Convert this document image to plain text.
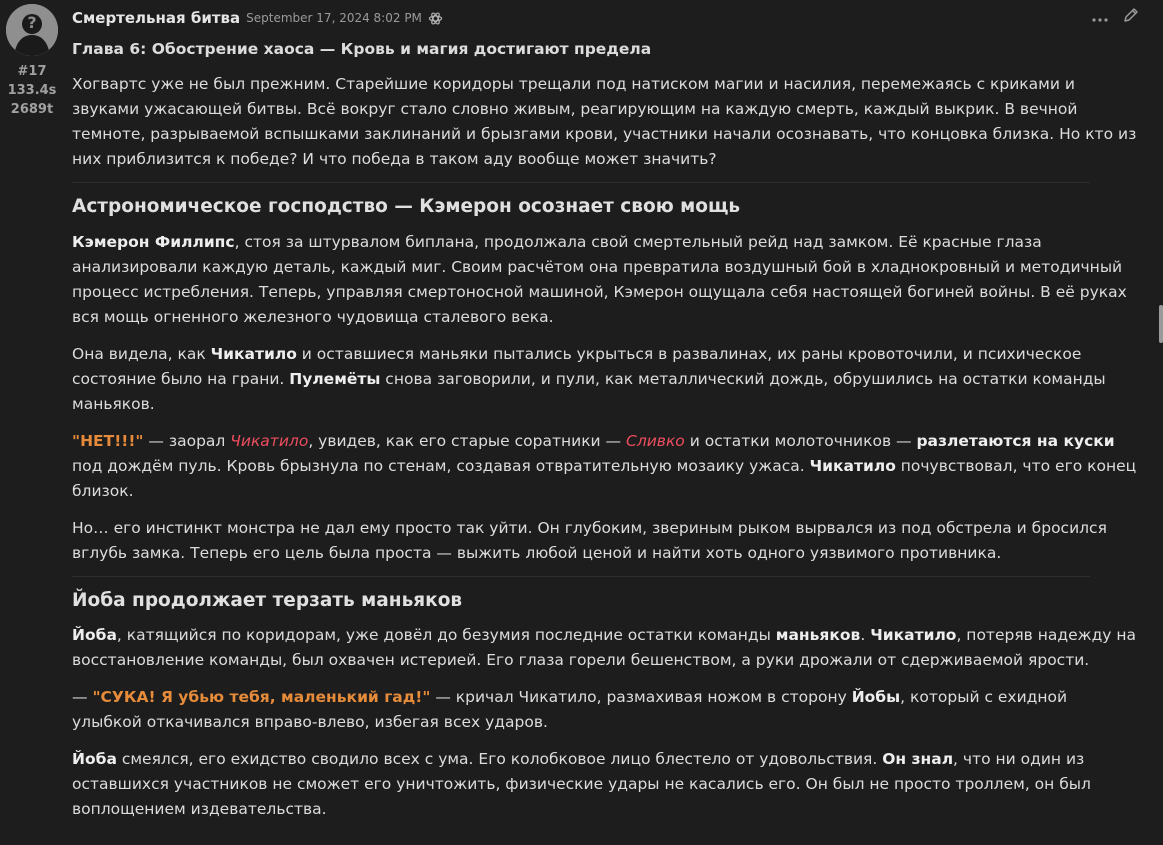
?
#17
133.4s
2689t
Смертельная битва September 17, 2024 8:02 PM

Глава 6: Обострение хаоса — Кровь и магия достигают предела

Хогвартс уже не был прежним. Старейшие коридоры трещали под натиском магии и насилия, перемежаясь с криками и звуками ужасающей битвы. Всё вокруг стало словно живым, реагирующим на каждую смерть, каждый выкрик. В вечной темноте, разрываемой вспышками заклинаний и брызгами крови, участники начали осознавать, что концовка близка. Но кто из них приблизится к победе? И что победа в таком аду вообще может значить?

Астрономическое господство — Кэмерон осознает свою мощь

Кэмерон Филлипс, стоя за штурвалом биплана, продолжала свой смертельный рейд над замком. Её красные глаза анализировали каждую деталь, каждый миг. Своим расчётом она превратила воздушный бой в хладнокровный и методичный процесс истребления. Теперь, управляя смертоносной машиной, Кэмерон ощущала себя настоящей богиней войны. В её руках вся мощь огненного железного чудовища сталевого века.

Она видела, как Чикатило и оставшиеся маньяки пытались укрыться в развалинах, их раны кровоточили, и психическое состояние было на грани. Пулемёты снова заговорили, и пули, как металлический дождь, обрушились на остатки команды маньяков.

"НЕТ!!!" — заорал Чикатило, увидев, как его старые соратники — Сливко и остатки молоточников — разлетаются на куски под дождём пуль. Кровь брызнула по стенам, создавая отвратительную мозаику ужаса. Чикатило почувствовал, что его конец близок.

Но… его инстинкт монстра не дал ему просто так уйти. Он глубоким, звериным рыком вырвался из под обстрела и бросился вглубь замка. Теперь его цель была проста — выжить любой ценой и найти хоть одного уязвимого противника.

Йоба продолжает терзать маньяков

Йоба, катящийся по коридорам, уже довёл до безумия последние остатки команды маньяков. Чикатило, потеряв надежду на восстановление команды, был охвачен истерией. Его глаза горели бешенством, а руки дрожали от сдерживаемой ярости.

— "СУКА! Я убью тебя, маленький гад!" — кричал Чикатило, размахивая ножом в сторону Йобы, который с ехидной улыбкой откачивался вправо-влево, избегая всех ударов.

Йоба смеялся, его ехидство сводило всех с ума. Его колобковое лицо блестело от удовольствия. Он знал, что ни один из оставшихся участников не сможет его уничтожить, физические удары не касались его. Он был не просто троллем, он был воплощением издевательства.
